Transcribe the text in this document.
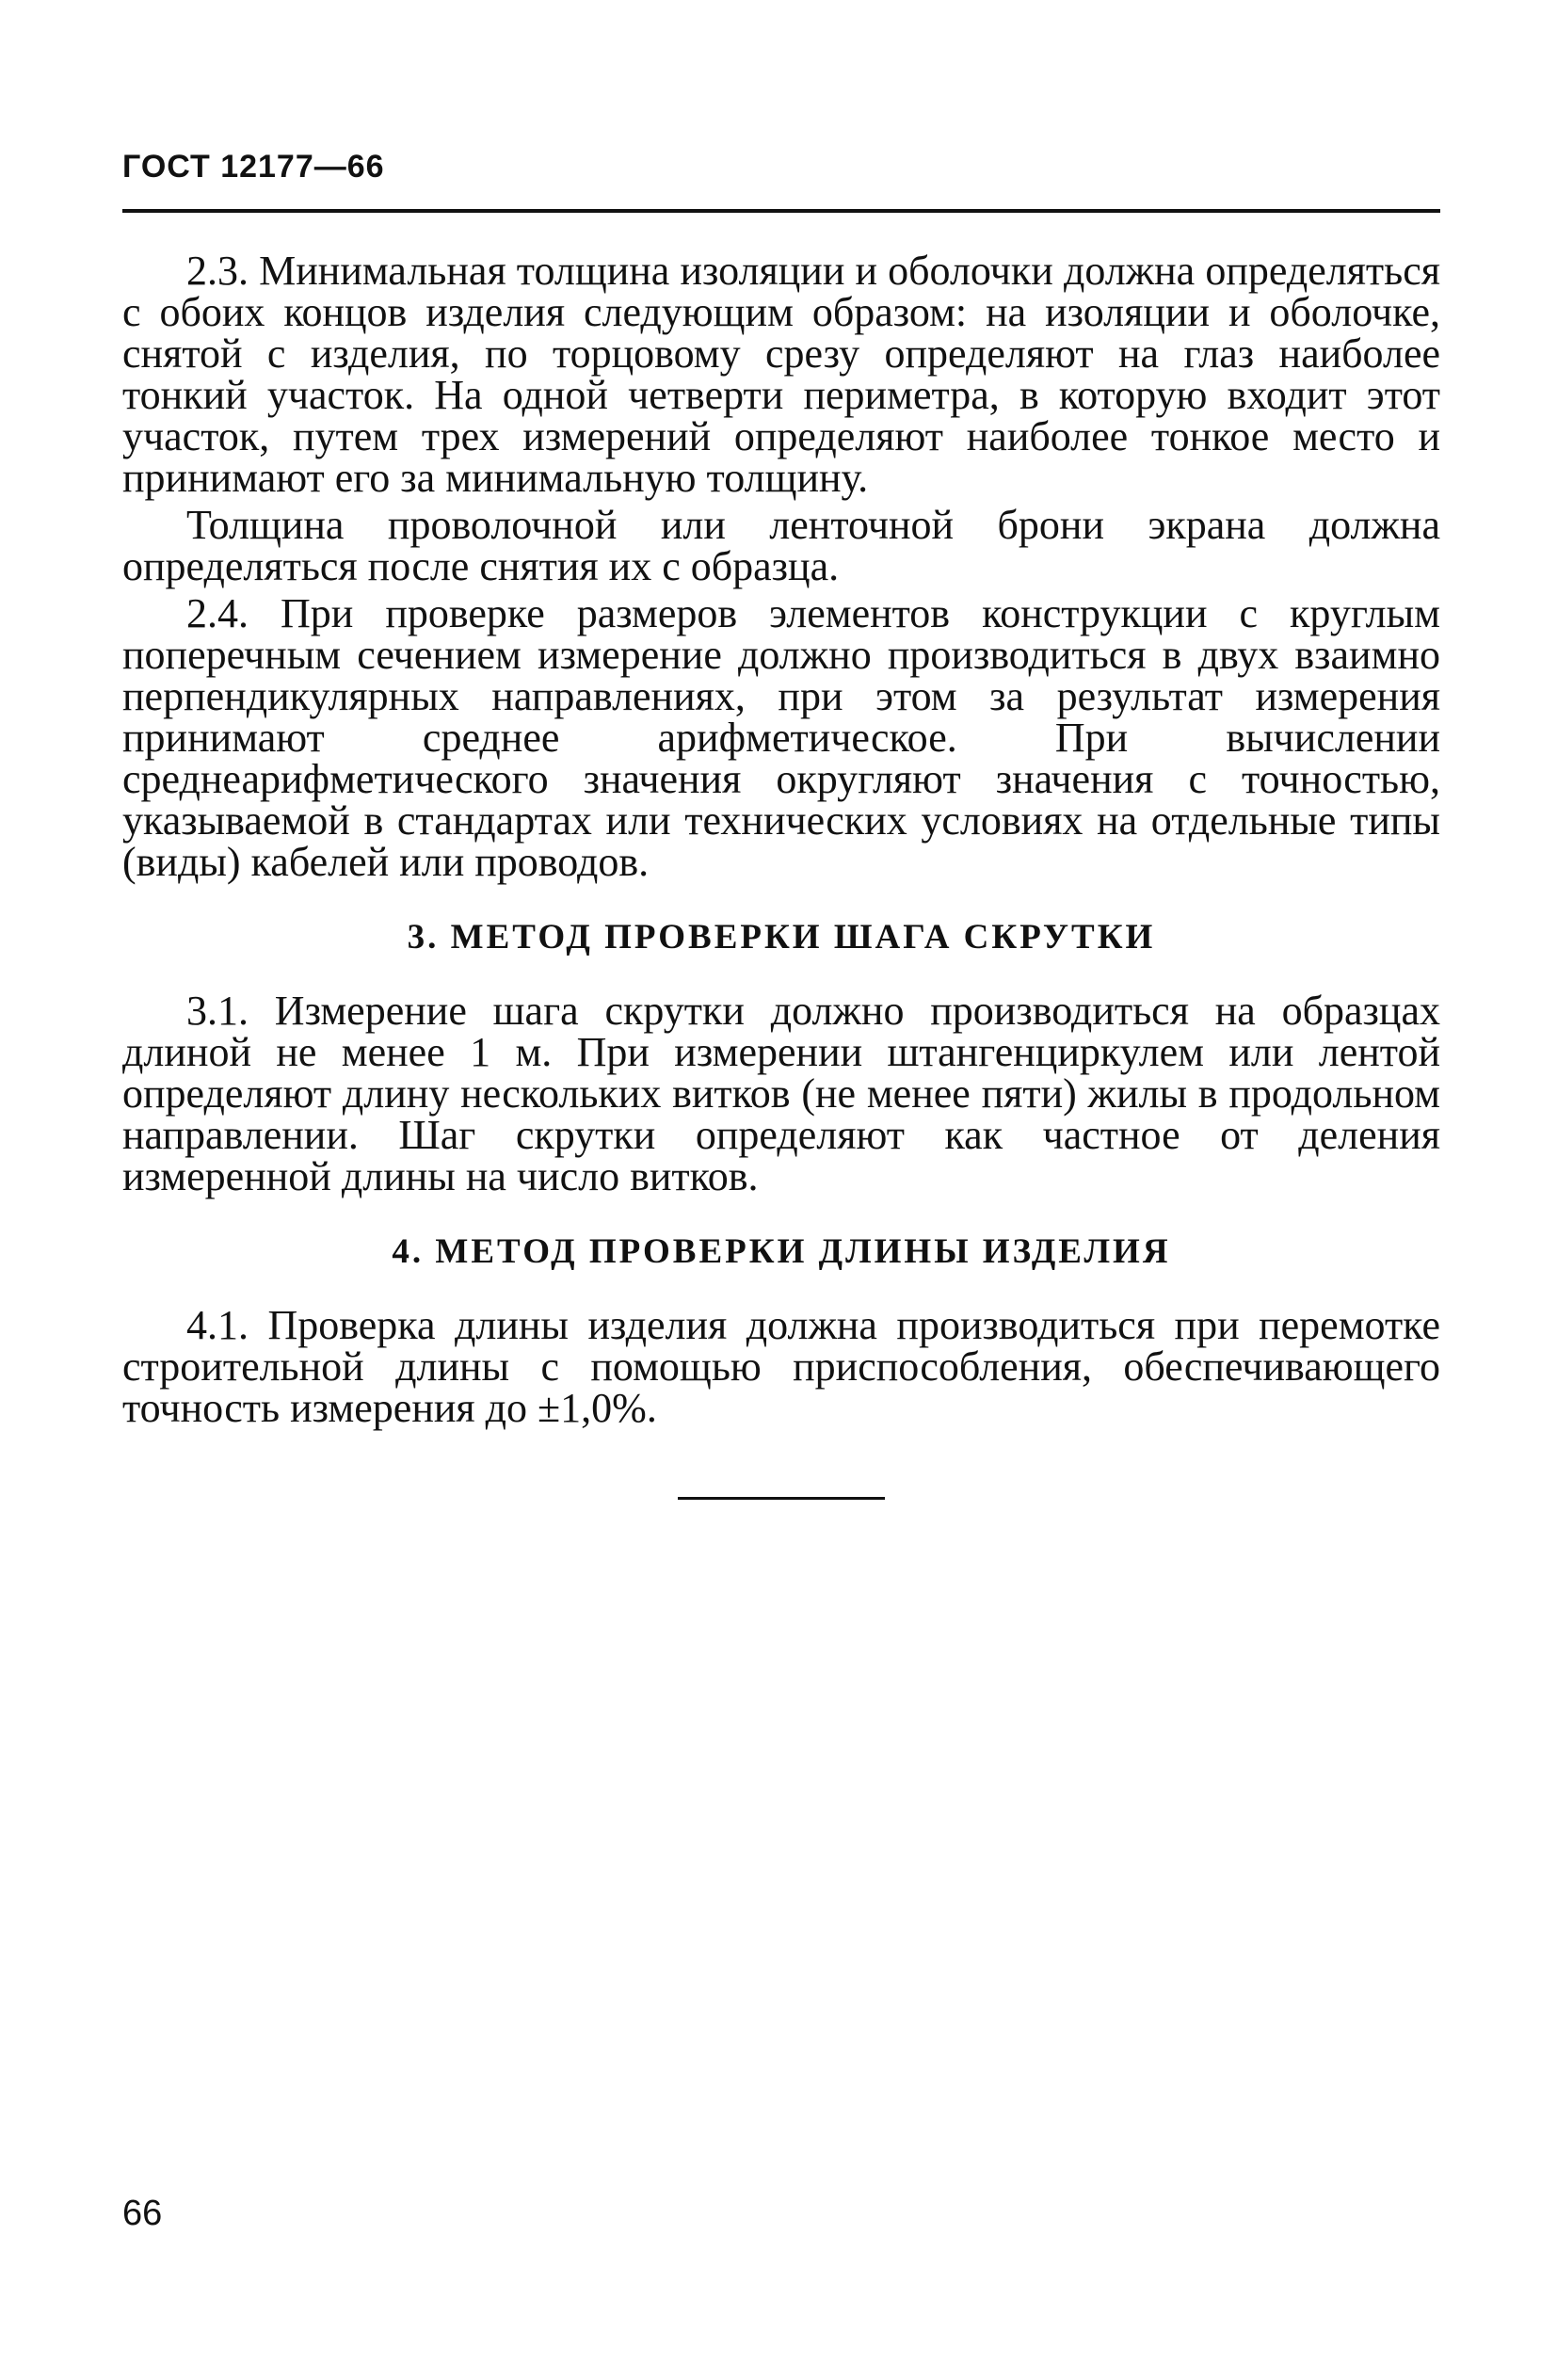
ГОСТ 12177—66

2.3. Минимальная толщина изоляции и оболочки должна определяться с обоих концов изделия следующим образом: на изоляции и оболочке, снятой с изделия, по торцовому срезу определяют на глаз наиболее тонкий участок. На одной четверти периметра, в которую входит этот участок, путем трех измерений определяют наиболее тонкое место и принимают его за минимальную толщину.

Толщина проволочной или ленточной брони экрана должна определяться после снятия их с образца.

2.4. При проверке размеров элементов конструкции с круглым поперечным сечением измерение должно производиться в двух взаимно перпендикулярных направлениях, при этом за результат измерения принимают среднее арифметическое. При вычислении среднеарифметического значения округляют значения с точностью, указываемой в стандартах или технических условиях на отдельные типы (виды) кабелей или проводов.

3. МЕТОД ПРОВЕРКИ ШАГА СКРУТКИ

3.1. Измерение шага скрутки должно производиться на образцах длиной не менее 1 м. При измерении штангенциркулем или лентой определяют длину нескольких витков (не менее пяти) жилы в продольном направлении. Шаг скрутки определяют как частное от деления измеренной длины на число витков.

4. МЕТОД ПРОВЕРКИ ДЛИНЫ ИЗДЕЛИЯ

4.1. Проверка длины изделия должна производиться при перемотке строительной длины с помощью приспособления, обеспечивающего точность измерения до ±1,0%.

66
